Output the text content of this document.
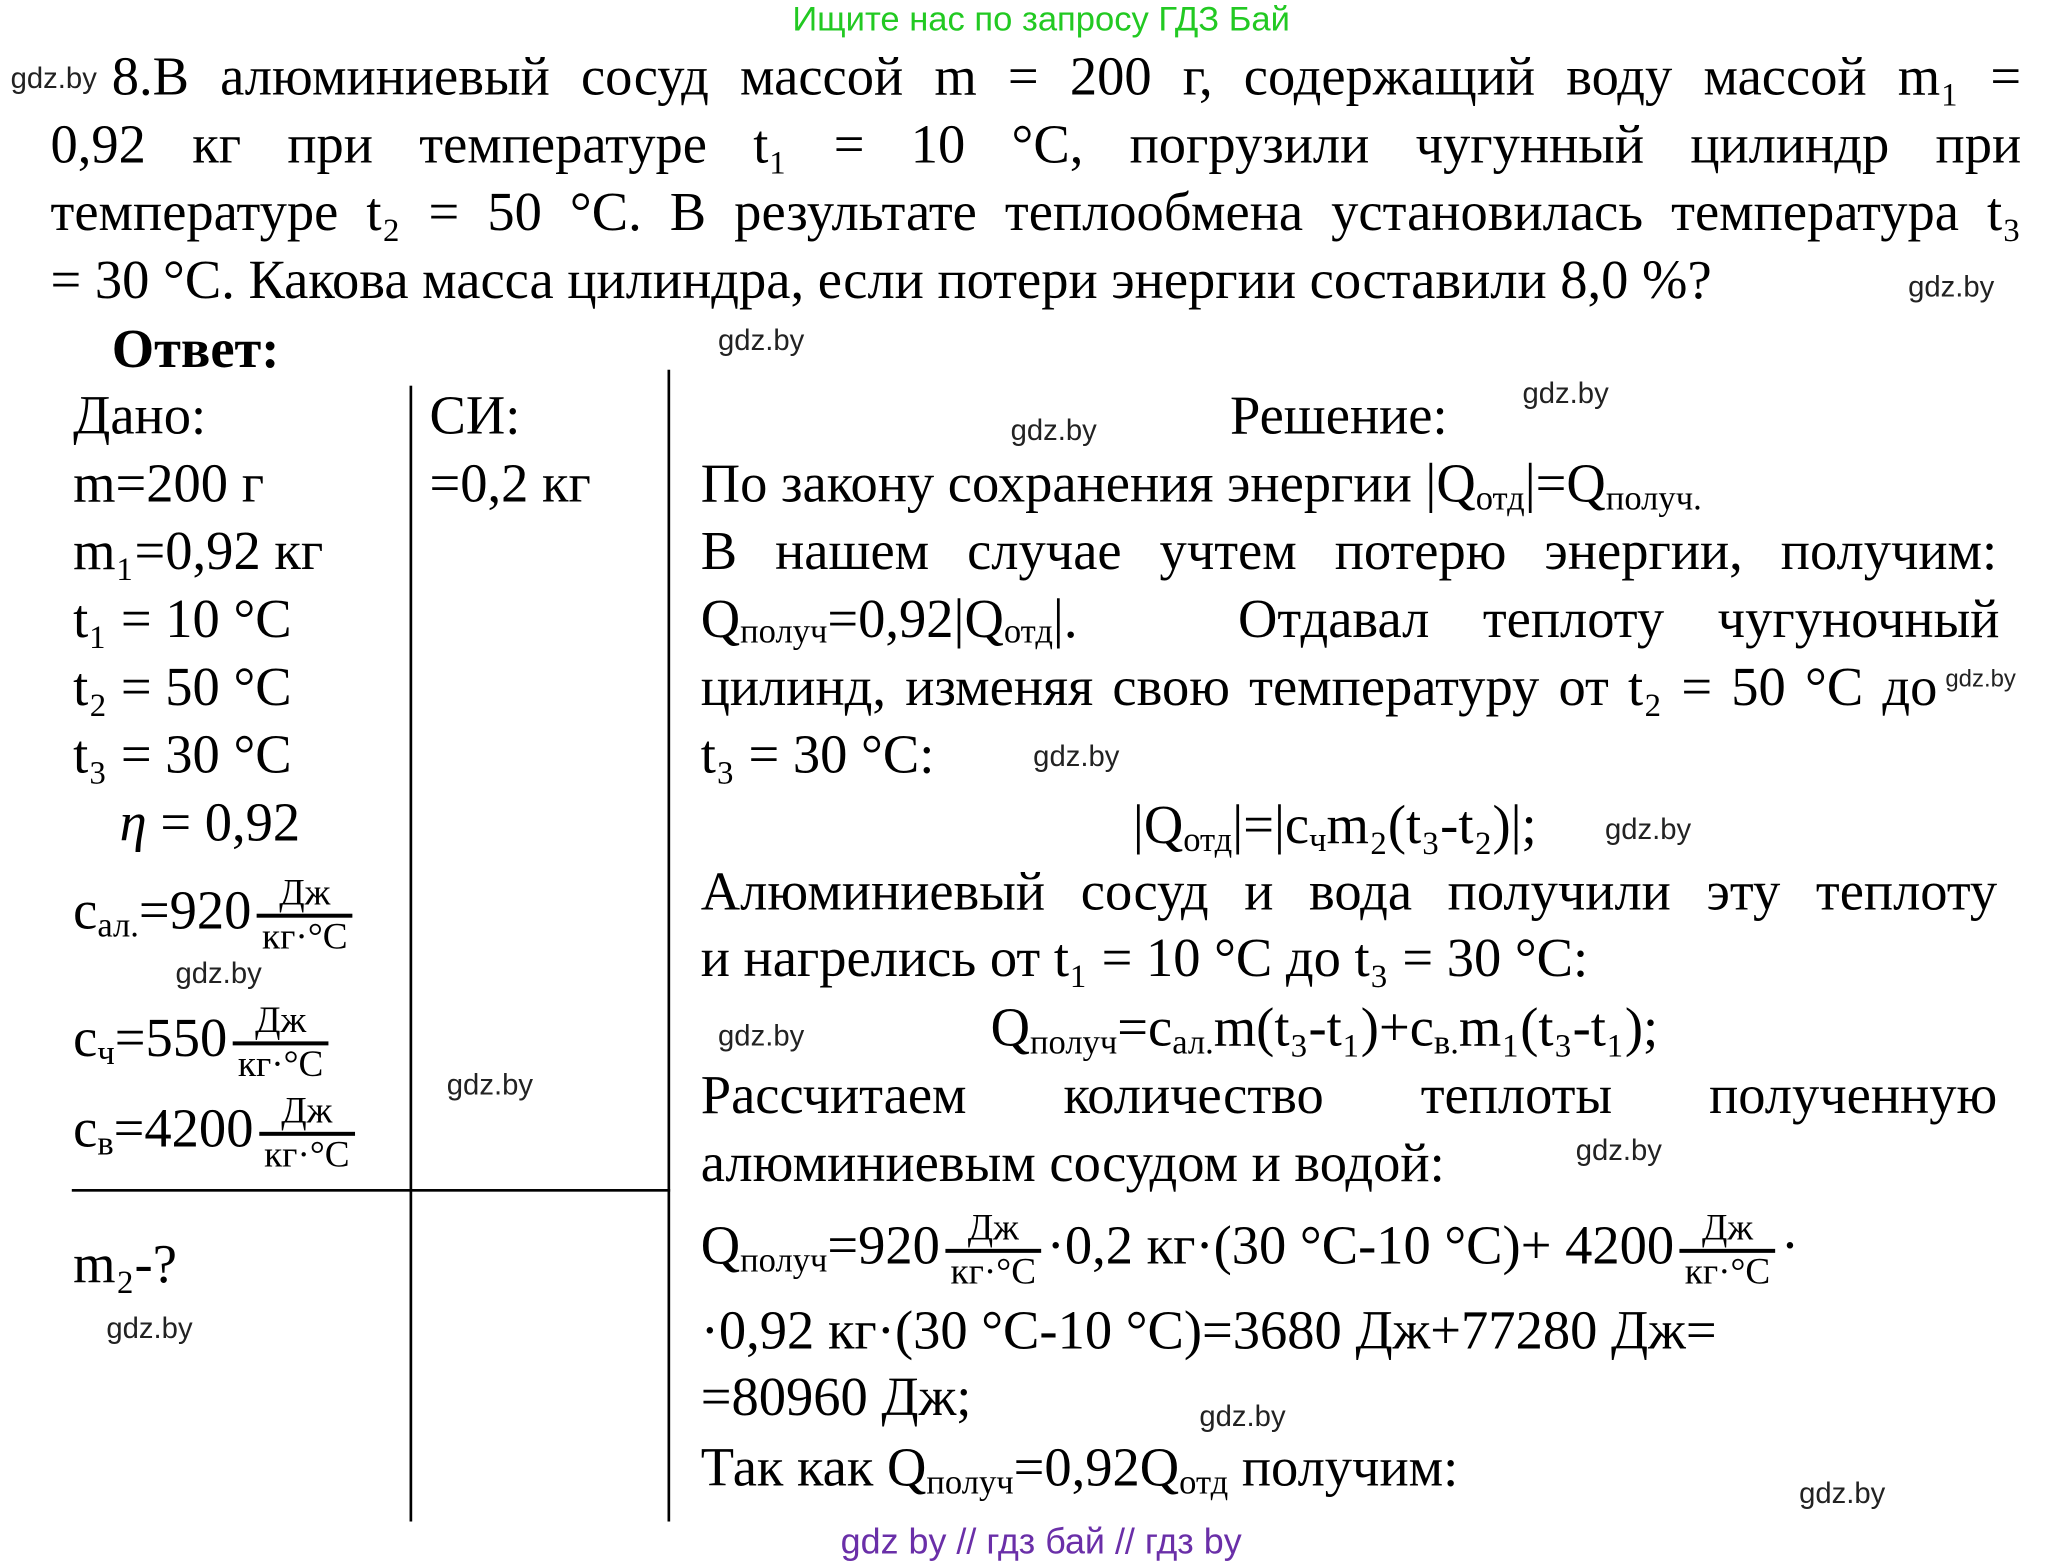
Ищите нас по запросу ГДЗ Бай
8.В алюминиевый сосуд массой m = 200 г, содержащий воду массой m₁ =
0,92 кг при температуре t₁ = 10 °C, погрузили чугунный цилиндр при
температуре t₂ = 50 °C. В результате теплообмена установилась температура t₃
= 30 °C. Какова масса цилиндра, если потери энергии составили 8,0 %?
Ответ:
Дано:
m=200 г
m₁=0,92 кг
t₁ = 10 °C
t₂ = 50 °C
t₃ = 30 °C
η = 0,92
$c_{ал.}=920 \frac{Дж}{кг\cdot^\circ C}$
$c_ч=550 \frac{Дж}{кг\cdot^\circ C}$
$c_в=4200 \frac{Дж}{кг\cdot^\circ C}$
m₂-?
СИ:
=0,2 кг
Решение:
По закону сохранения энергии $|Q_{отд}|=Q_{получ.}$
В нашем случае учтем потерю энергии, получим:
Q получ =0,92|Q отд |.   Отдавал теплоту чугуночный
цилинд, изменяя свою температуру от t₂ = 50 °C до
t₃ = 30 °C:
$|Q_{отд}|=|c_чm_2(t_3-t_2)|$;
Алюминиевый сосуд и вода получили эту теплоту
и нагрелись от t₁ = 10 °C до t₃ = 30 °C:
$Q_{получ}=c_{ал.}m(t_3-t_1)+c_{в.}m_1(t_3-t_1)$;
Рассчитаем количество теплоты полученную
алюминиевым сосудом и водой:
$Q_{получ}=920 \frac{Дж}{кг\cdot^\circ C} \cdot 0,2$ кг·(30 °C-10 $^\circ C)+ 4200 \frac{Дж}{кг\cdot^\circ C}$ ·
·0,92 кг·(30 °C-10 °C)=3680 Дж+77280 Дж=
=80960 Дж;
Так как $Q_{получ}=0,92Q_{отд}$ получим:
gdz.by
gdz.by
gdz.by
gdz.by
gdz.by
gdz.by
gdz.by
gdz.by
gdz.by
gdz.by
gdz.by
gdz.by
gdz.by
gdz.by
gdz.by
gdz by // гдз бай // гдз by
